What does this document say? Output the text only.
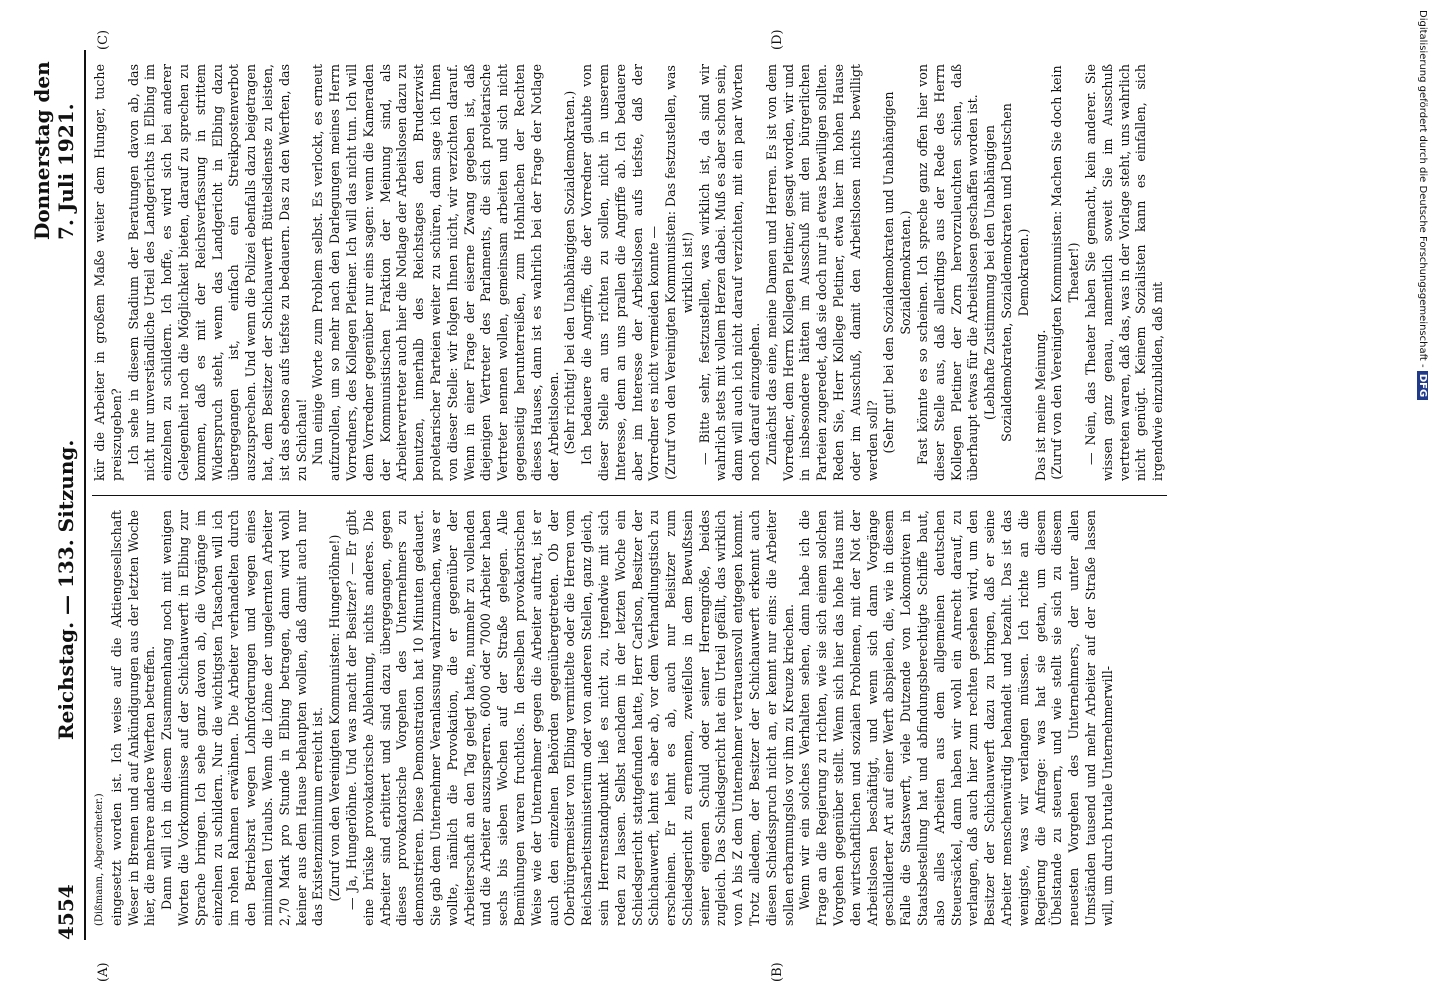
4554
Reichstag. — 133. Sitzung.
Donnerstag den 7. Juli 1921.

(Dißmann, Abgeordneter.) eingesetzt worden ist. Ich weise auf die Aktiengesellschaft Weser in Bremen und auf Ankündigungen aus der letzten Woche hier, die mehrere andere Werften betreffen. Dann will ich in diesem Zusammenhang noch mit wenigen Worten die Vorkommnisse auf der Schichauwerft in Elbing zur Sprache bringen. Ich sehe ganz davon ab, die Vorgänge im einzelnen zu schildern. Nur die wichtigsten Tatsachen will ich im rohen Rahmen erwähnen. Die Arbeiter verhandelten durch den Betriebsrat wegen Lohnforderungen und wegen eines minimalen Urlaubs. Wenn die Löhne der ungelernten Arbeiter 2,70 Mark pro Stunde in Elbing betragen, dann wird wohl keiner aus dem Hause behaupten wollen, daß damit auch nur das Existenzminimum erreicht ist. (Zuruf von den Vereinigten Kommunisten: Hungerlöhne!) — Ja, Hungerlöhne. Und was macht der Besitzer? — Er gibt eine brüske provokatorische Ablehnung, nichts anderes. Die Arbeiter sind erbittert und sind dazu übergegangen, gegen dieses provokatorische Vorgehen des Unternehmers zu demonstrieren. Diese Demonstration hat 10 Minuten gedauert. Sie gab dem Unternehmer Veranlassung wahrzumachen, was er wollte, nämlich die Provokation, die er gegenüber der Arbeiterschaft an den Tag gelegt hatte, nunmehr zu vollenden und die Arbeiter auszusperren. 6000 oder 7000 Arbeiter haben sechs bis sieben Wochen auf der Straße gelegen. Alle Bemühungen waren fruchtlos. In derselben provokatorischen Weise wie der Unternehmer gegen die Arbeiter auftrat, ist er auch den einzelnen Behörden gegenübergetreten. Ob der Oberbürgermeister von Elbing vermittelte oder die Herren vom Reichsarbeitsministerium oder von anderen Stellen, ganz gleich, sein Herrenstandpunkt ließ es nicht zu, irgendwie mit sich reden zu lassen. Selbst nachdem in der letzten Woche ein Schiedsgericht stattgefunden hatte, Herr Carlson, Besitzer der Schichauwerft, lehnt es aber ab, vor dem Verhandlungstisch zu erscheinen. Er lehnt es ab, auch nur Beisitzer zum Schiedsgericht zu ernennen, zweifellos in dem Bewußtsein seiner eigenen Schuld oder seiner Herrengröße, beides zugleich. Das Schiedsgericht hat ein Urteil gefällt, das wirklich von A bis Z dem Unternehmer vertrauensvoll entgegen kommt. Trotz alledem, der Besitzer der Schichauwerft erkennt auch diesen Schiedsspruch nicht an, er kennt nur eins: die Arbeiter sollen erbarmungslos vor ihm zu Kreuze kriechen. Wenn wir ein solches Verhalten sehen, dann habe ich die Frage an die Regierung zu richten, wie sie sich einem solchen Vorgehen gegenüber stellt. Wenn sich hier das hohe Haus mit den wirtschaftlichen und sozialen Problemen, mit der Not der Arbeitslosen beschäftigt, und wenn sich dann Vorgänge geschilderter Art auf einer Werft abspielen, die, wie in diesem Falle die Staatswerft, viele Dutzende von Lokomotiven in Staatsbestellung hat und abfindungsberechtigte Schiffe baut, also alles Arbeiten aus dem allgemeinen deutschen Steuersäckel, dann haben wir wohl ein Anrecht darauf, zu verlangen, daß auch hier zum rechten gesehen wird, um den Besitzer der Schichauwerft dazu zu bringen, daß er seine Arbeiter menschenwürdig behandelt und bezahlt. Das ist das wenigste, was wir verlangen müssen. Ich richte an die Regierung die Anfrage: was hat sie getan, um diesem Übelstande zu steuern, und wie stellt sie sich zu diesem neuesten Vorgehen des Unternehmers, der unter allen Umständen tausend und mehr Arbeiter auf der Straße lassen will, um durch brutale Unternehmerwill-

kür die Arbeiter in großem Maße weiter dem Hunger, tuche preiszugeben? Ich sehe in diesem Stadium der Beratungen davon ab, das nicht nur unverständliche Urteil des Landgerichts in Elbing im einzelnen zu schildern. Ich hoffe, es wird sich bei anderer Gelegenheit noch die Möglichkeit bieten, darauf zu sprechen zu kommen, daß es mit der Reichsverfassung in strittem Widerspruch steht, wenn das Landgericht in Elbing dazu übergegangen ist, einfach ein Streikpostenverbot auszusprechen. Und wenn die Polizei ebenfalls dazu beigetragen hat, dem Besitzer der Schichauwerft Büttelsdienste zu leisten, ist das ebenso aufs tiefste zu bedauern. Das zu den Werften, das zu Schichau! Nun einige Worte zum Problem selbst. Es verlockt, es erneut aufzurollen, um so mehr nach den Darlegungen meines Herrn Vorredners, des Kollegen Pletiner. Ich will das nicht tun. Ich will dem Vorredner gegenüber nur eins sagen: wenn die Kameraden der Kommunistischen Fraktion der Meinung sind, als Arbeitervertreter auch hier die Notlage der Arbeitslosen dazu zu benutzen, innerhalb des Reichstages den Bruderzwist proletarischer Parteien weiter zu schüren, dann sage ich Ihnen von dieser Stelle: wir folgen Ihnen nicht, wir verzichten darauf. Wenn in einer Frage der eiserne Zwang gegeben ist, daß diejenigen Vertreter des Parlaments, die sich proletarische Vertreter nennen wollen, gemeinsam arbeiten und sich nicht gegenseitig herunterreißen, zum Hohnlachen der Rechten dieses Hauses, dann ist es wahrlich bei der Frage der Notlage der Arbeitslosen. (Sehr richtig! bei den Unabhängigen Sozialdemokraten.) Ich bedauere die Angriffe, die der Vorredner glaubte von dieser Stelle an uns richten zu sollen, nicht in unserem Interesse, denn an uns prallen die Angriffe ab. Ich bedauere aber im Interesse der Arbeitslosen aufs tiefste, daß der Vorredner es nicht vermeiden konnte — (Zuruf von den Vereinigten Kommunisten: Das festzustellen, was wirklich ist!) — Bitte sehr, festzustellen, was wirklich ist, da sind wir wahrlich stets mit vollem Herzen dabei. Muß es aber schon sein, dann will auch ich nicht darauf verzichten, mit ein paar Worten noch darauf einzugehen. Zunächst das eine, meine Damen und Herren. Es ist von dem Vorredner, dem Herrn Kollegen Pletiner, gesagt worden, wir und in insbesondere hätten im Ausschuß mit den bürgerlichen Parteien zugeredet, daß sie doch nur ja etwas bewilligen sollten. Reden Sie, Herr Kollege Pletiner, etwa hier im hohen Hause oder im Ausschuß, damit den Arbeitslosen nichts bewilligt werden soll? (Sehr gut! bei den Sozialdemokraten und Unabhängigen Sozialdemokraten.) Fast könnte es so scheinen. Ich spreche ganz offen hier von dieser Stelle aus, daß allerdings aus der Rede des Herrn Kollegen Pletiner der Zorn hervorzuleuchten schien, daß überhaupt etwas für die Arbeitslosen geschaffen worden ist. (Lebhafte Zustimmung bei den Unabhängigen Sozialdemokraten, Sozialdemokraten und Deutschen Demokraten.)

Das ist meine Meinung. (Zuruf von den Vereinigten Kommunisten: Machen Sie doch kein Theater!) — Nein, das Theater haben Sie gemacht, kein anderer. Sie wissen ganz genau, namentlich soweit Sie im Ausschuß vertreten waren, daß das, was in der Vorlage steht, uns wahrlich nicht genügt. Keinem Sozialisten kann es einfallen, sich irgendwie einzubilden, daß mit

(A)	(B)
(C)	(D)	Digitalisierung gefördert durch die Deutsche Forschungsgemeinschaft - DFG
